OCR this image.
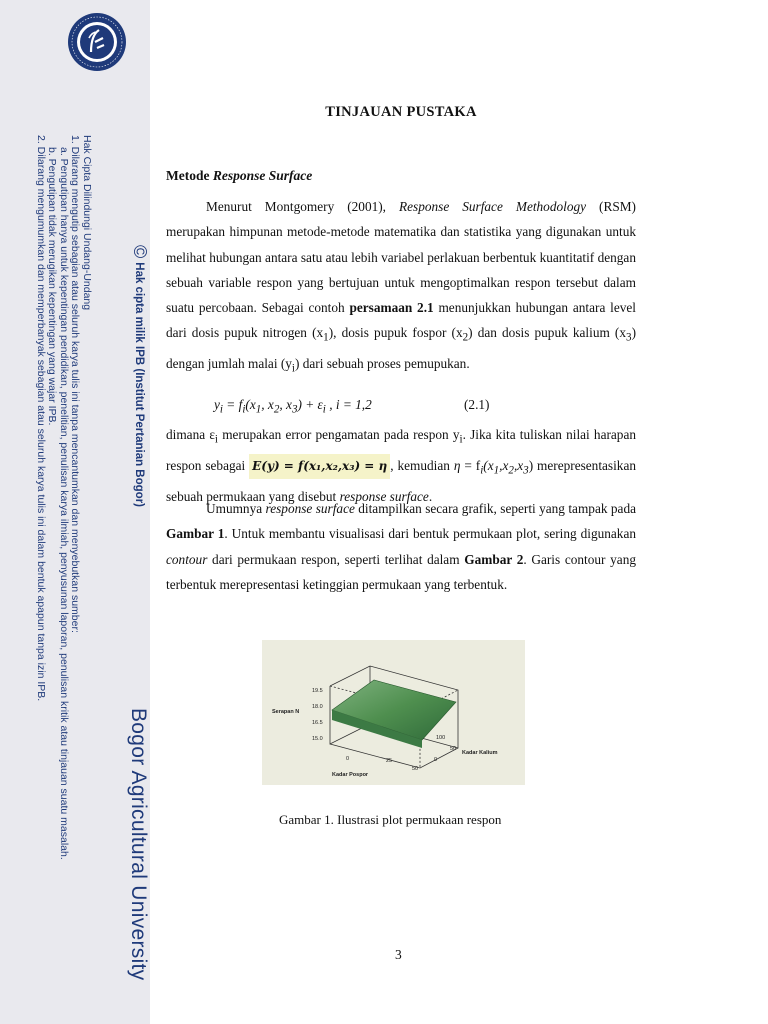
Hak Cipta Dilindungi Undang-Undang
1. Dilarang mengutip sebagian atau seluruh karya tulis ini tanpa mencantumkan dan menyebutkan sumber:
a. Pengutipan hanya untuk kepentingan pendidikan, penelitian, penulisan karya ilmiah, penyusunan laporan, penulisan kritik atau tinjauan suatu masalah.
b. Pengutipan tidak merugikan kepentingan yang wajar IPB.
2. Dilarang mengumumkan dan memperbanyak sebagian atau seluruh karya tulis ini dalam bentuk apapun tanpa izin IPB.	©Hak cipta milik IPB (Institut Pertanian Bogor)
Bogor Agricultural University
TINJAUAN PUSTAKA
Metode Response Surface
Menurut Montgomery (2001), Response Surface Methodology (RSM) merupakan himpunan metode-metode matematika dan statistika yang digunakan untuk melihat hubungan antara satu atau lebih variabel perlakuan berbentuk kuantitatif dengan sebuah variable respon yang bertujuan untuk mengoptimalkan respon tersebut dalam suatu percobaan. Sebagai contoh persamaan 2.1 menunjukkan hubungan antara level dari dosis pupuk nitrogen $(x_1)$, dosis pupuk fospor $(x_2)$ dan dosis pupuk kalium $(x_3)$ dengan jumlah malai $(y_i)$ dari sebuah proses pemupukan.
$y_i = f_i(x_1$, $x_2$, $x_3) + \varepsilon_i$ , i = 1,2	(2.1)
dimana $\varepsilon_i$ merupakan error pengamatan pada respon $y_i$. Jika kita tuliskan nilai harapan respon sebagai E(y) = f(x₁,x₂,x₃) = η , kemudian $\eta = f_i(x_1,x_2,x_3)$ merepresentasikan sebuah permukaan yang disebut response surface.
Umumnya response surface ditampilkan secara grafik, seperti yang tampak pada Gambar 1. Untuk membantu visualisasi dari bentuk permukaan plot, sering digunakan contour dari permukaan respon, seperti terlihat dalam Gambar 2. Garis contour yang terbentuk merepresentasi ketinggian permukaan yang terbentuk.
19.5
18.0
16.5
15.0
Serapan N
0	25
50
Kadar Pospor
100
50
0
Kadar Kalium
Gambar 1. Ilustrasi plot permukaan respon
3
